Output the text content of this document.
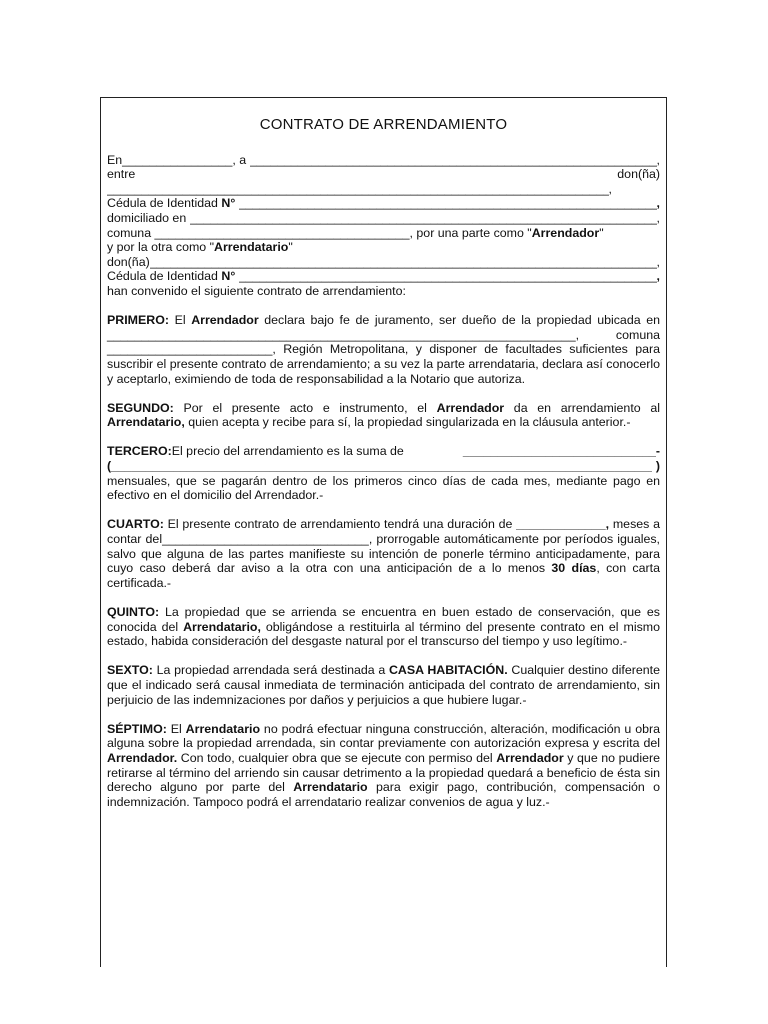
CONTRATO DE ARRENDAMIENTO
En ________________ , a
_____	,
entre	don(ña)
_____
,
Cédula de Identidad
N°
_____	,
domiciliado en
_____	,
comuna
_____________________________________ , por una parte como " Arrendador "
y por la otra como " Arrendatario "
don(ña) _____	,
Cédula de Identidad
N°
_____	,
han convenido el siguiente contrato de arrendamiento:
PRIMERO: El Arrendador declara bajo fe de juramento, ser dueño de la propiedad ubicada en ____________________________________________________________________, comuna ________________________, Región Metropolitana, y disponer de facultades suficientes para suscribir el presente contrato de arrendamiento; a su vez la parte arrendataria, declara así conocerlo y aceptarlo, eximiendo de toda de responsabilidad a la Notario que autoriza.
SEGUNDO: Por el presente acto e instrumento, el Arrendador da en arrendamiento al Arrendatario, quien acepta y recibe para sí, la propiedad singularizada en la cláusula anterior.-
TERCERO: El precio del arrendamiento es la suma de	____________________________-
( _____
	)
mensuales, que se pagarán dentro de los primeros cinco días de cada mes, mediante pago en efectivo en el domicilio del Arrendador.-
CUARTO: El presente contrato de arrendamiento tendrá una duración de _____________, meses a contar del______________________________, prorrogable automáticamente por períodos iguales, salvo que alguna de las partes manifieste su intención de ponerle término anticipadamente, para cuyo caso deberá dar aviso a la otra con una anticipación de a lo menos 30 días, con carta certificada.-
QUINTO: La propiedad que se arrienda se encuentra en buen estado de conservación, que es conocida del Arrendatario, obligándose a restituirla al término del presente contrato en el mismo estado, habida consideración del desgaste natural por el transcurso del tiempo y uso legítimo.-
SEXTO: La propiedad arrendada será destinada a CASA HABITACIÓN. Cualquier destino diferente que el indicado será causal inmediata de terminación anticipada del contrato de arrendamiento, sin perjuicio de las indemnizaciones por daños y perjuicios a que hubiere lugar.-
SÉPTIMO: El Arrendatario no podrá efectuar ninguna construcción, alteración, modificación u obra alguna sobre la propiedad arrendada, sin contar previamente con autorización expresa y escrita del Arrendador. Con todo, cualquier obra que se ejecute con permiso del Arrendador y que no pudiere retirarse al término del arriendo sin causar detrimento a la propiedad quedará a beneficio de ésta sin derecho alguno por parte del Arrendatario para exigir pago, contribución, compensación o indemnización. Tampoco podrá el arrendatario realizar convenios de agua y luz.-
